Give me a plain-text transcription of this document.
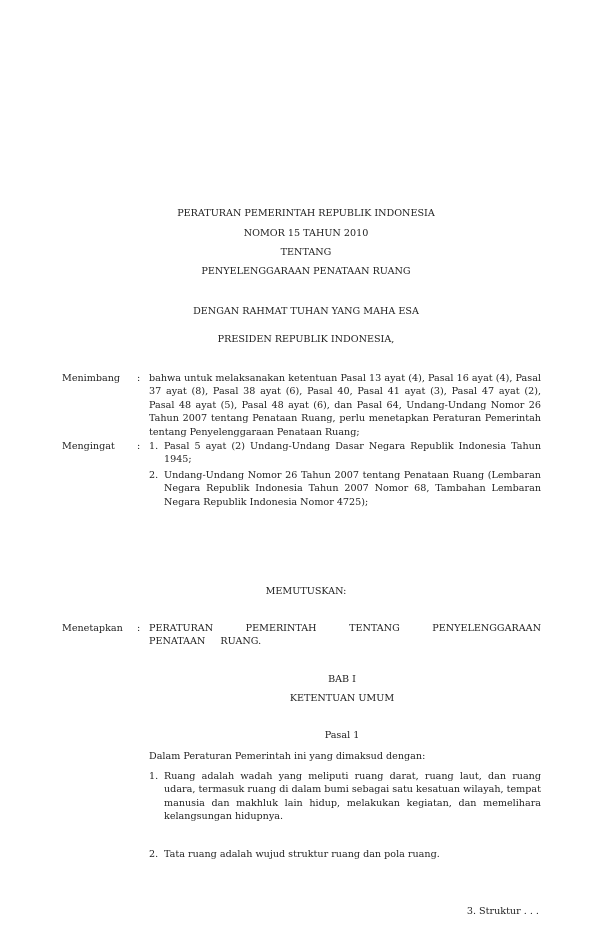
PERATURAN PEMERINTAH REPUBLIK INDONESIA
NOMOR 15 TAHUN 2010
TENTANG
PENYELENGGARAAN PENATAAN RUANG
DENGAN RAHMAT TUHAN YANG MAHA ESA
PRESIDEN REPUBLIK INDONESIA,
Menimbang : bahwa untuk melaksanakan ketentuan Pasal 13 ayat (4), Pasal 16 ayat (4), Pasal 37 ayat (8), Pasal 38 ayat (6), Pasal 40, Pasal 41 ayat (3), Pasal 47 ayat (2), Pasal 48 ayat (5), Pasal 48 ayat (6), dan Pasal 64, Undang-Undang Nomor 26 Tahun 2007 tentang Penataan Ruang, perlu menetapkan Peraturan Pemerintah tentang Penyelenggaraan Penataan Ruang;
Mengingat : 1. Pasal 5 ayat (2) Undang-Undang Dasar Negara Republik Indonesia Tahun 1945;
2. Undang-Undang Nomor 26 Tahun 2007 tentang Penataan Ruang (Lembaran Negara Republik Indonesia Tahun 2007 Nomor 68, Tambahan Lembaran Negara Republik Indonesia Nomor 4725);
MEMUTUSKAN:
Menetapkan : PERATURAN PEMERINTAH TENTANG PENYELENGGARAAN PENATAAN RUANG.
BAB I
KETENTUAN UMUM
Pasal 1
Dalam Peraturan Pemerintah ini yang dimaksud dengan:
1. Ruang adalah wadah yang meliputi ruang darat, ruang laut, dan ruang udara, termasuk ruang di dalam bumi sebagai satu kesatuan wilayah, tempat manusia dan makhluk lain hidup, melakukan kegiatan, dan memelihara kelangsungan hidupnya.
2. Tata ruang adalah wujud struktur ruang dan pola ruang.
3. Struktur . . .
